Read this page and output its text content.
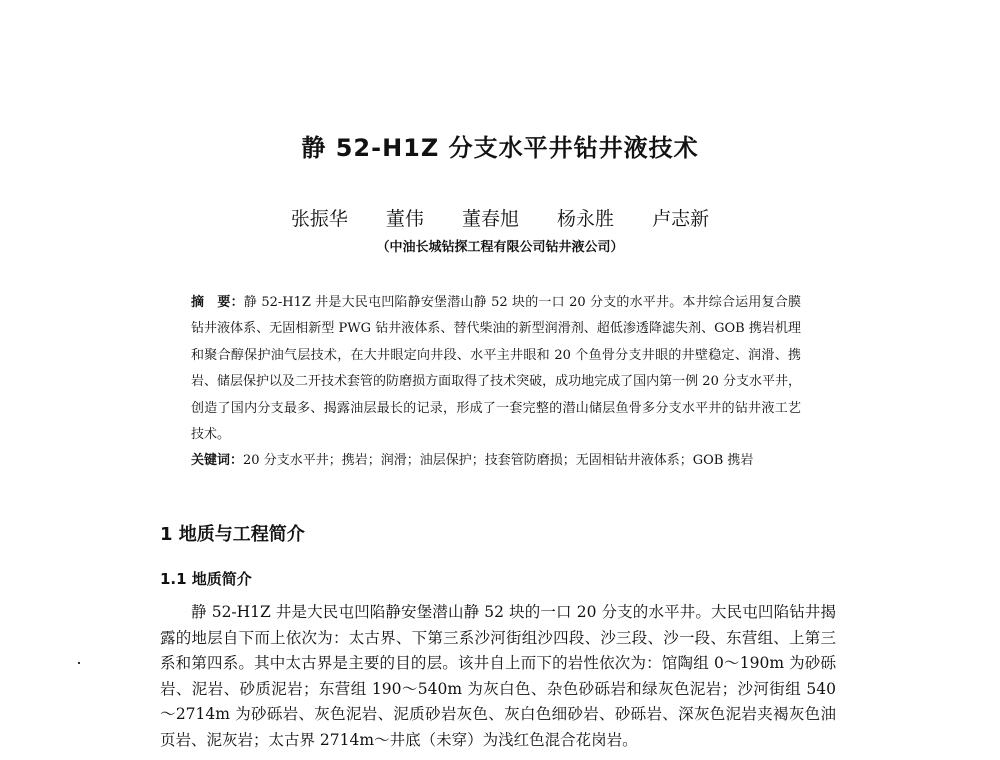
静 52-H1Z 分支水平井钻井液技术
张振华 董伟 董春旭 杨永胜 卢志新
（中油长城钻探工程有限公司钻井液公司）

摘　要：静 52-H1Z 井是大民屯凹陷静安堡潜山静 52 块的一口 20 分支的水平井。本井综合运用复合膜钻井液体系、无固相新型 PWG 钻井液体系、替代柴油的新型润滑剂、超低渗透降滤失剂、GOB 携岩机理和聚合醇保护油气层技术，在大井眼定向井段、水平主井眼和 20 个鱼骨分支井眼的井壁稳定、润滑、携岩、储层保护以及二开技术套管的防磨损方面取得了技术突破，成功地完成了国内第一例 20 分支水平井，创造了国内分支最多、揭露油层最长的记录，形成了一套完整的潜山储层鱼骨多分支水平井的钻井液工艺技术。

关键词：20 分支水平井；携岩；润滑；油层保护；技套管防磨损；无固相钻井液体系；GOB 携岩

1 地质与工程简介
1.1 地质简介

静 52-H1Z 井是大民屯凹陷静安堡潜山静 52 块的一口 20 分支的水平井。大民屯凹陷钻井揭露的地层自下而上依次为：太古界、下第三系沙河街组沙四段、沙三段、沙一段、东营组、上第三系和第四系。其中太古界是主要的目的层。该井自上而下的岩性依次为：馆陶组 0～190m 为砂砾岩、泥岩、砂质泥岩；东营组 190～540m 为灰白色、杂色砂砾岩和绿灰色泥岩；沙河街组 540～2714m 为砂砾岩、灰色泥岩、泥质砂岩灰色、灰白色细砂岩、砂砾岩、深灰色泥岩夹褐灰色油页岩、泥灰岩；太古界 2714m～井底（未穿）为浅红色混合花岗岩。
